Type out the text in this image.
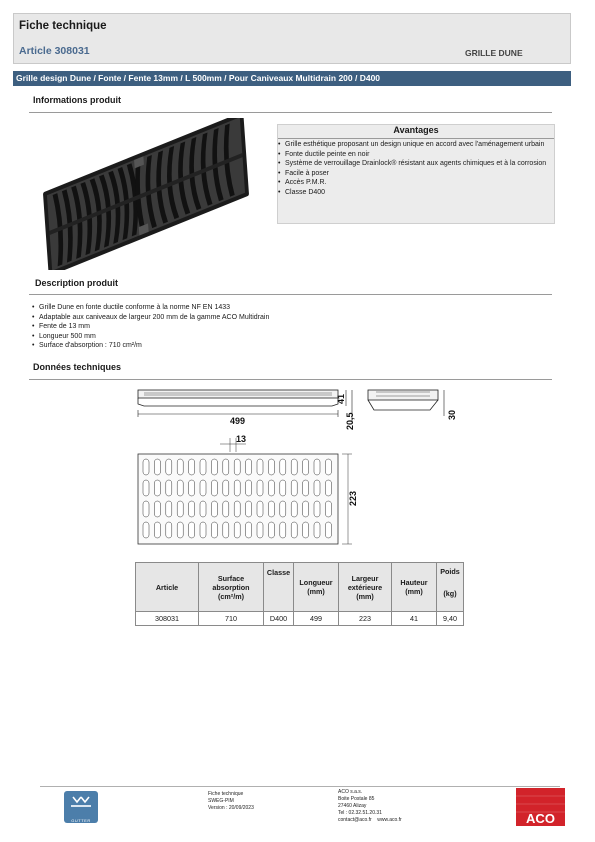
Fiche technique
Article 308031	GRILLE DUNE
Grille design Dune / Fonte / Fente 13mm / L 500mm / Pour Caniveaux Multidrain 200 / D400
Informations produit
Avantages
• Grille esthétique proposant un design unique en accord avec l'aménagement urbain
• Fonte ductile peinte en noir
• Système de verrouillage Drainlock® résistant aux agents chimiques et à la corrosion
• Facile à poser
• Accès P.M.R.
• Classe D400
Description produit
• Grille Dune en fonte ductile conforme à la norme NF EN 1433
• Adaptable aux caniveaux de largeur 200 mm de la gamme ACO Multidrain
• Fente de 13 mm
• Longueur 500 mm
• Surface d'absorption : 710 cm²/m
Données techniques
499
41
20,5	30
13
223
Article	Surface absorption (cm²/m)	Classe	Longueur (mm)	Largeur extérieure (mm)	Hauteur (mm)	Poids

(kg)
308031	710	D400	499	223	41	9,40
GUTTER
Fiche technique
SWEG-PIM
Version : 20/09/2023
ACO s.a.s.
Boite Postale 85
27460 Alizay
Tel : 02.32.51.20.31
contact@aco.fr www.aco.fr	ACO
